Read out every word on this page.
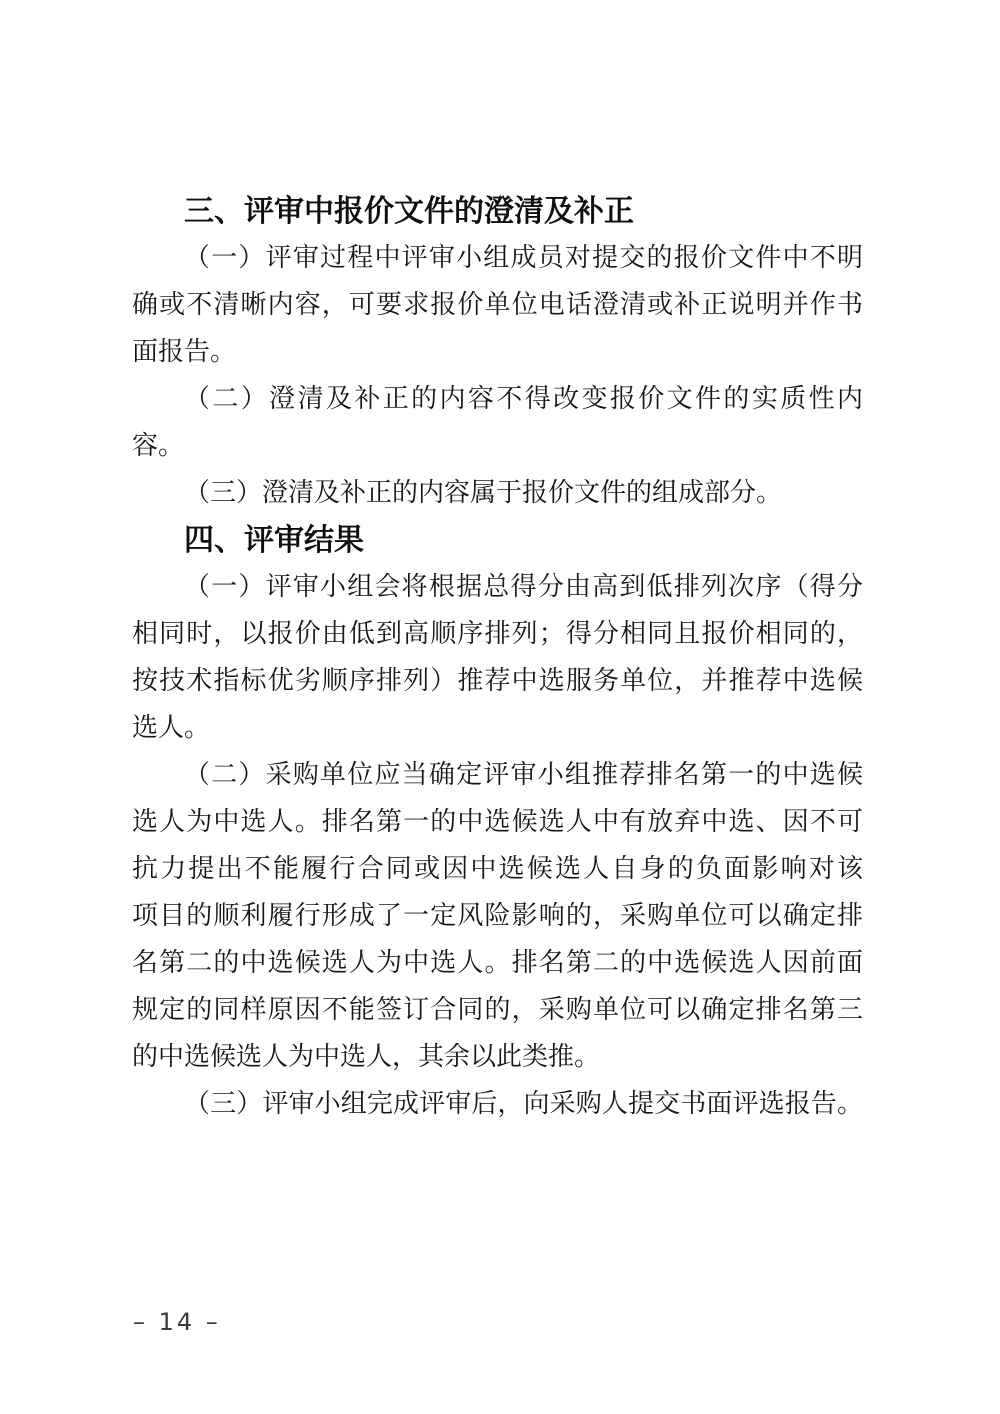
三、评审中报价文件的澄清及补正
（一）评审过程中评审小组成员对提交的报价文件中不明
确或不清晰内容，可要求报价单位电话澄清或补正说明并作书
面报告。
（二）澄清及补正的内容不得改变报价文件的实质性内
容。
（三）澄清及补正的内容属于报价文件的组成部分。
四、评审结果
（一）评审小组会将根据总得分由高到低排列次序（得分
相同时，以报价由低到高顺序排列；得分相同且报价相同的，
按技术指标优劣顺序排列）推荐中选服务单位，并推荐中选候
选人。
（二）采购单位应当确定评审小组推荐排名第一的中选候
选人为中选人。排名第一的中选候选人中有放弃中选、因不可
抗力提出不能履行合同或因中选候选人自身的负面影响对该
项目的顺利履行形成了一定风险影响的，采购单位可以确定排
名第二的中选候选人为中选人。排名第二的中选候选人因前面
规定的同样原因不能签订合同的，采购单位可以确定排名第三
的中选候选人为中选人，其余以此类推。
（三）评审小组完成评审后，向采购人提交书面评选报告。
– 14 –
